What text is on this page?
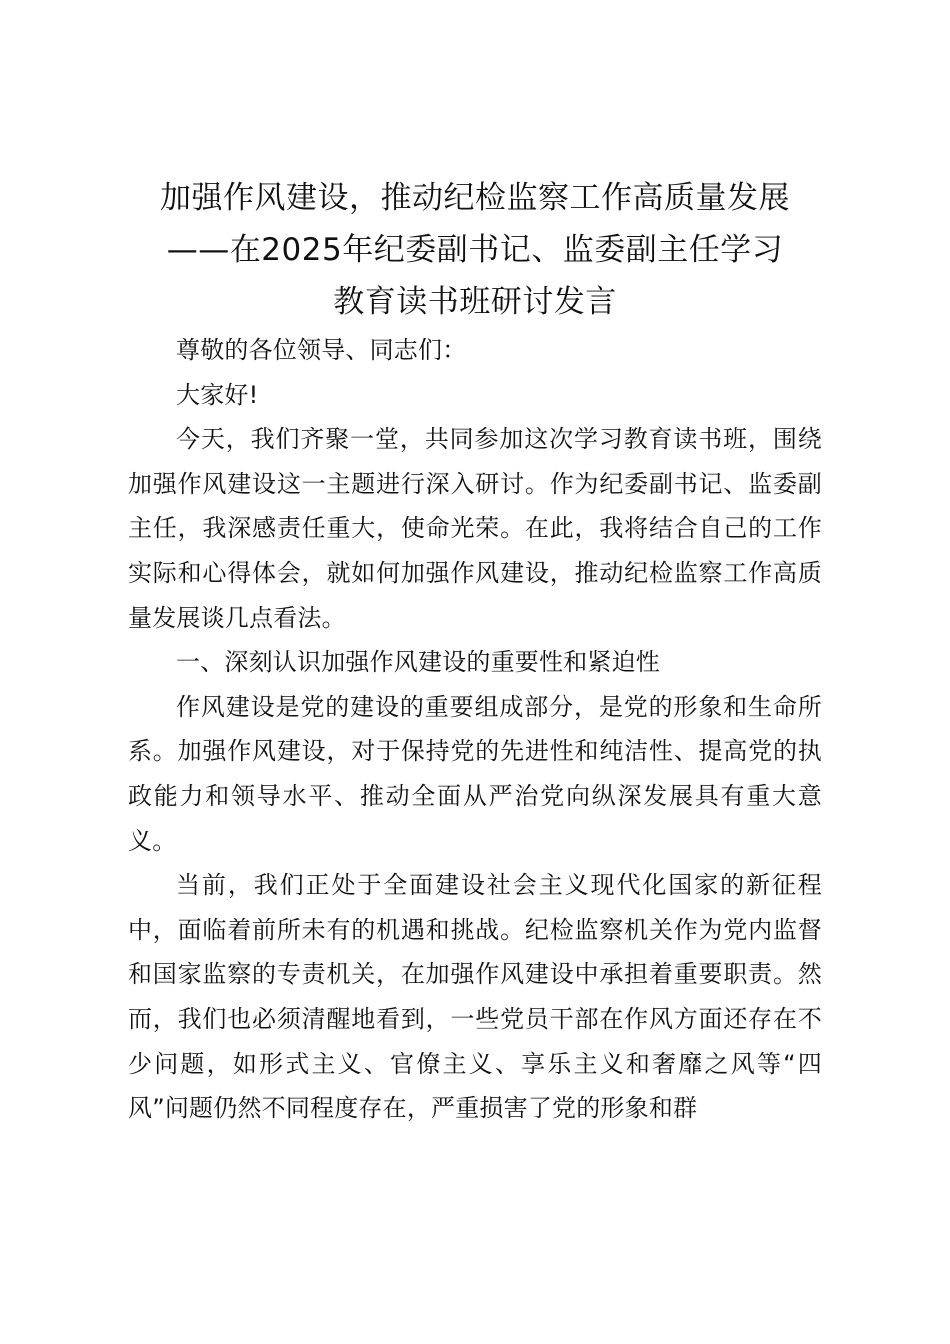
加强作风建设，推动纪检监察工作高质量发展
——在2025年纪委副书记、监委副主任学习
教育读书班研讨发言

尊敬的各位领导、同志们：

大家好!

今天，我们齐聚一堂，共同参加这次学习教育读书班，围绕加强作风建设这一主题进行深入研讨。作为纪委副书记、监委副主任，我深感责任重大，使命光荣。在此，我将结合自己的工作实际和心得体会，就如何加强作风建设，推动纪检监察工作高质量发展谈几点看法。

一、深刻认识加强作风建设的重要性和紧迫性

作风建设是党的建设的重要组成部分，是党的形象和生命所系。加强作风建设，对于保持党的先进性和纯洁性、提高党的执政能力和领导水平、推动全面从严治党向纵深发展具有重大意义。

当前，我们正处于全面建设社会主义现代化国家的新征程中，面临着前所未有的机遇和挑战。纪检监察机关作为党内监督和国家监察的专责机关，在加强作风建设中承担着重要职责。然而，我们也必须清醒地看到，一些党员干部在作风方面还存在不少问题，如形式主义、官僚主义、享乐主义和奢靡之风等“四风”问题仍然不同程度存在，严重损害了党的形象和群
